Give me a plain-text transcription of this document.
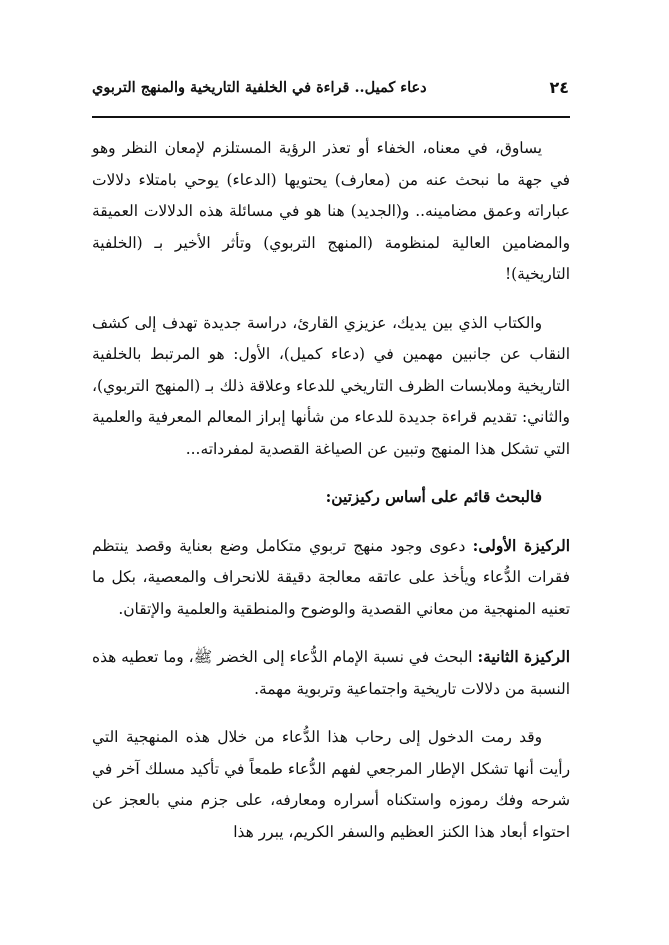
٢٤
دعاء كميل.. قراءة في الخلفية التاريخية والمنهج التربوي

يساوق، في معناه، الخفاء أو تعذر الرؤية المستلزم لإمعان النظر وهو في جهة ما نبحث عنه من (معارف) يحتويها (الدعاء) يوحي بامتلاء دلالات عباراته وعمق مضامينه.. و(الجديد) هنا هو في مسائلة هذه الدلالات العميقة والمضامين العالية لمنظومة (المنهج التربوي) وتأثر الأخير بـ (الخلفية التاريخية)!

والكتاب الذي بين يديك، عزيزي القارئ، دراسة جديدة تهدف إلى كشف النقاب عن جانبين مهمين في (دعاء كميل)، الأول: هو المرتبط بالخلفية التاريخية وملابسات الظرف التاريخي للدعاء وعلاقة ذلك بـ (المنهج التربوي)، والثاني: تقديم قراءة جديدة للدعاء من شأنها إبراز المعالم المعرفية والعلمية التي تشكل هذا المنهج وتبين عن الصياغة القصدية لمفرداته...

فالبحث قائم على أساس ركيزتين:

الركيزة الأولى: دعوى وجود منهج تربوي متكامل وضع بعناية وقصد ينتظم فقرات الدُّعاء ويأخذ على عاتقه معالجة دقيقة للانحراف والمعصية، بكل ما تعنيه المنهجية من معاني القصدية والوضوح والمنطقية والعلمية والإتقان.

الركيزة الثانية: البحث في نسبة الإمام الدُّعاء إلى الخضر ﷺ، وما تعطيه هذه النسبة من دلالات تاريخية واجتماعية وتربوية مهمة.

وقد رمت الدخول إلى رحاب هذا الدُّعاء من خلال هذه المنهجية التي رأيت أنها تشكل الإطار المرجعي لفهم الدُّعاء طمعاً في تأكيد مسلك آخر في شرحه وفك رموزه واستكناه أسراره ومعارفه، على جزم مني بالعجز عن احتواء أبعاد هذا الكنز العظيم والسفر الكريم، يبرر هذا
